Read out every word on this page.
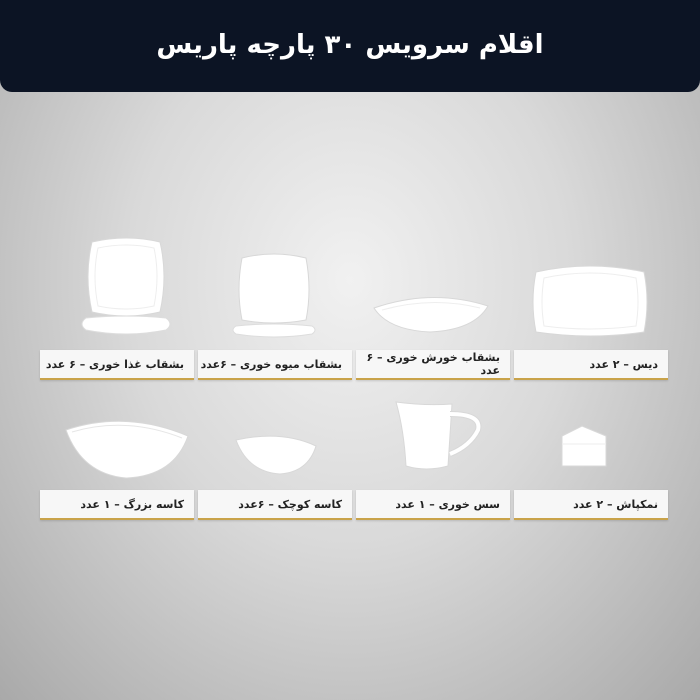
اقلام سرویس ۳۰ پارچه پاریس
بشقاب غذا خوری – ۶ عدد	بشقاب میوه خوری – ۶عدد	بشقاب خورش خوری – ۶ عدد	دیس – ۲ عدد
کاسه بزرگ – ۱ عدد	کاسه کوچک – ۶عدد	سس خوری – ۱ عدد	نمکپاش – ۲ عدد
